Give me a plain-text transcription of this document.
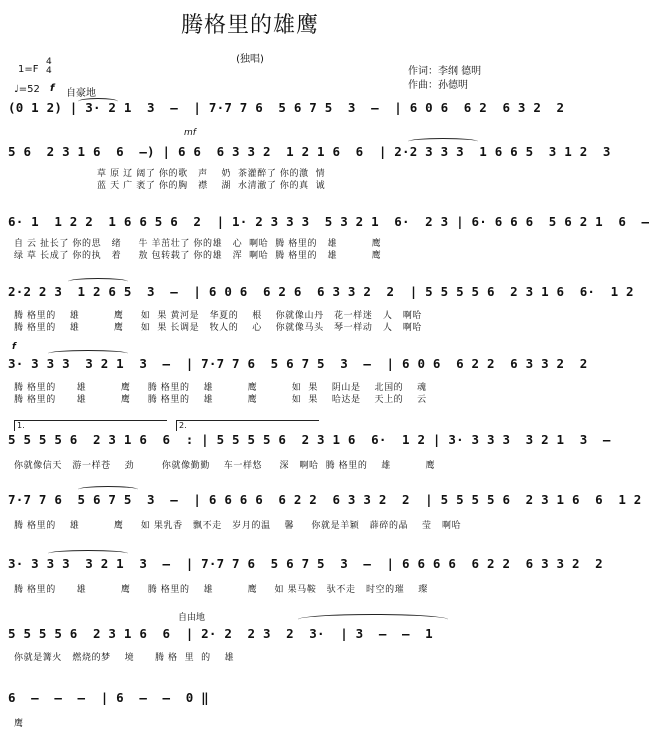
腾格里的雄鹰
(独唱)
1=F
4
4
♩=52 f 自豪地
作词：李纲 德明
作曲：孙德明
(0 1 2) | 3· 2 1  3  –  | 7·7 7 6  5 6 7 5  3  –  | 6 0 6  6 2  6 3 2  2
mf
5 6  2 3 1 6  6  –) | 6 6  6 3 3 2  1 2 1 6  6  | 2·2 3 3 3  1 6 6 5  3 1 2  3
草 原 辽 阔了 你的歌   声    奶  茶灌醉了 你的激  情
蓝 天 广 袤了 你的胸   襟    湖  水清澈了 你的真  诚
6· 1  1 2 2  1 6 6 5 6  2  | 1· 2 3 3 3  5 3 2 1  6·  2 3 | 6· 6 6 6  5 6 2 1  6  –
自 云 扯长了 你的思   绪     牛 羊茁壮了 你的雄   心  啊哈  腾 格里的   雄          鹰
绿 草 长成了 你的执   着     敖 包转载了 你的雄   浑  啊哈  腾 格里的   雄          鹰
2·2 2 3  1 2 6 5  3  –  | 6 0 6  6 2 6  6 3 3 2  2  | 5 5 5 5 6  2 3 1 6  6·  1 2
腾 格里的    雄          鹰     如  果 黄河是   华夏的    根    你就像山丹   花一样迷   人   啊哈
腾 格里的    雄          鹰     如  果 长调是   牧人的    心    你就像马头   琴一样动   人   啊哈
f
3· 3 3 3  3 2 1  3  –  | 7·7 7 6  5 6 7 5  3  –  | 6 0 6  6 2 2  6 3 3 2  2
腾 格里的      雄          鹰     腾 格里的    雄          鹰          如  果    阴山是    北国的    魂
腾 格里的      雄          鹰     腾 格里的    雄          鹰          如  果    哈达是    天上的    云
1.	2.
5 5 5 5 6  2 3 1 6  6  : | 5 5 5 5 6  2 3 1 6  6·  1 2 | 3· 3 3 3  3 2 1  3  –
你就像信天   游一样苍    劲        你就像勤勤    车一样悠     深   啊哈  腾 格里的    雄          鹰
7·7 7 6  5 6 7 5  3  –  | 6 6 6 6  6 2 2  6 3 3 2  2  | 5 5 5 5 6  2 3 1 6  6  1 2
腾 格里的    雄          鹰     如 果乳香   飘不走   岁月的温    馨     你就是羊颖   薜碎的晶    莹   啊哈
3· 3 3 3  3 2 1  3  –  | 7·7 7 6  5 6 7 5  3  –  | 6 6 6 6  6 2 2  6 3 3 2  2
腾 格里的      雄          鹰     腾 格里的    雄          鹰     如 果马鞍   驮不走   时空的璀    璨
自由地
5 5 5 5 6  2 3 1 6  6  | 2· 2  2 3  2  3·  | 3  –  –  1
你就是篝火   燃烧的梦    境      腾 格  里  的    雄
6  –  –  –  | 6  –  –  0 ‖
鹰
